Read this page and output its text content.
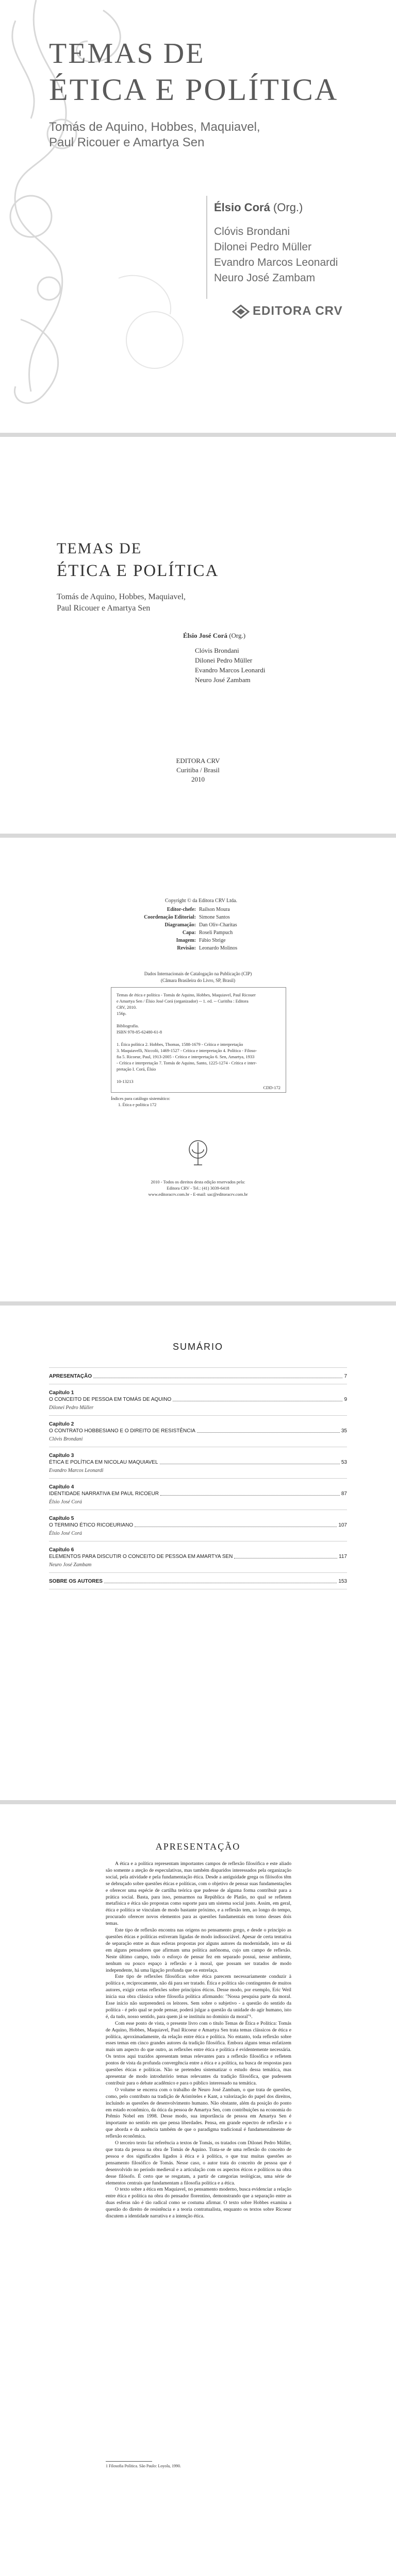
TEMAS DE
ÉTICA E POLÍTICA
Tomás de Aquino, Hobbes, Maquiavel,
Paul Ricouer e Amartya Sen
Élsio Corá (Org.)
Clóvis Brondani
Dilonei Pedro Müller
Evandro Marcos Leonardi
Neuro José Zambam
EDITORA CRV
TEMAS DE
ÉTICA E POLÍTICA
Tomás de Aquino, Hobbes, Maquiavel,
Paul Ricouer e Amartya Sen
Élsio José Corá (Org.)
Clóvis Brondani
Dilonei Pedro Müller
Evandro Marcos Leonardi
Neuro José Zambam
EDITORA CRV
Curitiba / Brasil
2010
Copyright © da Editora CRV Ltda.
Editor-chefe: Railson Moura
Coordenação Editorial: Simone Santos
Diagramação: Dan Oliv-Charitas
Capa: Roseli Pampuch
Imagem: Fábio Sbrige
Revisão: Leonardo Molinos
Dados Internacionais de Catalogação na Publicação (CIP)
(Câmara Brasileira do Livro, SP, Brasil)
Temas de ética e política - Tomás de Aquino, Hobbes, Maquiavel, Paul Ricouer
e Amartya Sen / Élsio José Corá (organizador) -- 1. ed. -- Curitiba : Editora
CRV, 2010.
156p.
Bibliografia.
ISBN 978-85-62480-61-8
1. Ética política 2. Hobbes, Thomas, 1588-1679 - Crítica e interpretação
3. Maquiavelli, Niccolò, 1469-1527 - Crítica e interpretação 4. Política - Filoso-
fia 5. Ricoeur, Paul, 1913-2005 - Crítica e interpretação 6. Sen, Amartya, 1933
- Crítica e interpretação 7. Tomás de Aquino, Santo, 1225-1274 - Crítica e inter-
pretação I. Corá, Élsio
10-13213
CDD-172
Índices para catálogo sistemático:
1. Ética e política 172
2010 - Todos os direitos desta edição reservados pela:
Editora CRV - Tel.: (41) 3039-6418
www.editoracrv.com.br - E-mail: sac@editoracrv.com.br
SUMÁRIO
APRESENTAÇÃO	7
Capítulo 1
O CONCEITO DE PESSOA EM TOMÁS DE AQUINO	9
Dilonei Pedro Müller
Capítulo 2
O CONTRATO HOBBESIANO E O DIREITO DE RESISTÊNCIA	35
Clóvis Brondani
Capítulo 3
ÉTICA E POLÍTICA EM NICOLAU MAQUIAVEL	53
Evandro Marcos Leonardi
Capítulo 4
IDENTIDADE NARRATIVA EM PAUL RICOEUR	87
Élsio José Corá
Capítulo 5
O TERMINO ÉTICO RICOEURIANO	107
Élsio José Corá
Capítulo 6
ELEMENTOS PARA DISCUTIR O CONCEITO DE PESSOA EM AMARTYA SEN	117
Neuro José Zambam
SOBRE OS AUTORES	153
APRESENTAÇÃO

A ética e a política representam importantes campos de reflexão filosófica e este aliado são somente a ateção de especulativas, mas também disparidos interessados pela organização social, pela atividade e pela fundamentação ética. Desde a antiguidade grega os filósofos têm se debruçado sobre questões éticas e políticas, com o objetivo de pensar suas fundamentações e oferecer uma espécie de cartilha teórica que pudesse de alguma forma contribuir para a prática social. Basta, para isso, pensarmos na República de Platão, no qual se refletem metafísica e ética são propostas como suporte para um sistema social justo. Assim, em geral, ética e política se vinculam de modo bastante próximo, e a reflexão tem, ao longo do tempo, procurado oferecer novos elementos para as questões fundamentais em torno desses dois temas.

Este tipo de reflexão encontra nas origens no pensamento grego, e desde o princípio as questões éticas e políticas estiveram ligadas de modo indissociável. Apesar de certa tentativa de separação entre as duas esferas propostas por alguns autores da modernidade, isto se dá em alguns pensadores que afirmam uma política autônoma, cujo um campo de reflexão. Neste último campo, todo o esforço de pensar fez em separado possui, nesse ambiente, nenhum ou pouco espaço à reflexão e à moral, que possam ser tratados de modo independente, há uma ligação profunda que os entrelaça.

Este tipo de reflexões filosóficas sobre ética parecem necessariamente conduzir à política e, reciprocamente, não dá para ser tratado. Ética e política são contingentes de muitos autores, exigir certas reflexões sobre princípios éticos. Desse modo, por exemplo, Eric Weil inicia sua obra clássica sobre filosofia política afirmando: "Nossa pesquisa parte da moral. Esse início não surpreenderá os leitores. Sem sobre o subjetivo - a questão do sentido da política - é pelo qual se pode pensar, poderá julgar a questão da unidade do agir humano, isto é, da tudo, nosso sentido, para quem já se instituiu no domínio da moral"¹.

Com esse ponto de vista, o presente livro com o título Temas de Ética e Política: Tomás de Aquino, Hobbes, Maquiavel, Paul Ricoeur e Amartya Sen trata temas clássicos de ética e política, aproximadamente, da relação entre ética e política. No entanto, toda reflexão sobre esses temas em cinco grandes autores da tradição filosófica. Embora alguns temas enfatizem mais um aspecto do que outro, as reflexões entre ética e política é evidentemente necessária. Os textos aqui trazidos apresentam temas relevantes para a reflexão filosófica e refletem pontos de vista da profunda convergência entre a ética e a política, na busca de respostas para questões éticas e políticas. Não se pretendeu sistematizar o estudo dessa temática, mas apresentar de modo introdutório temas relevantes da tradição filosófica, que pudessem contribuir para o debate acadêmico e para o público interessado na temática.

O volume se encerra com o trabalho de Neuro José Zambam, o que trata de questões, como, pelo contributo na tradição de Aristóteles e Kant, a valorização do papel dos direitos, incluindo as questões de desenvolvimento humano. Não obstante, além da posição do ponto em estado econômico, da ótica da pessoa de Amartya Sen, com contribuições na economia do Prêmio Nobel em 1998. Desse modo, sua importância de pessoa em Amartya Sen é importante no sentido em que pensa liberdades. Pensa, em grande espectro de reflexão e o que aborda e da ausência também de que o paradigma tradicional é fundamentalmente de reflexão econômica.

O terceiro texto faz referência a textos de Tomás, os tratados com Dilonei Pedro Müller, que trata da pessoa na obra de Tomás de Aquino. Trata-se de uma reflexão do conceito de pessoa e dos significados ligados à ética e à política, o que traz muitas questões ao pensamento filosófico de Tomás. Nesse caso, o autor trata do conceito de pessoa que é desenvolvido no período medieval e a articulação com os aspectos éticos e políticos na obra desse filósofo. É certo que se resgatam, a partir de categorias teológicas, uma série de elementos centrais que fundamentam a filosofia política e a ética.

O texto sobre a ética em Maquiavel, no pensamento moderno, busca evidenciar a relação entre ética e política na obra do pensador florentino, demonstrando que a separação entre as duas esferas não é tão radical como se costuma afirmar. O texto sobre Hobbes examina a questão do direito de resistência e a teoria contratualista, enquanto os textos sobre Ricoeur discutem a identidade narrativa e a intenção ética.

1 Filosofia Política. São Paulo: Loyola, 1990.
